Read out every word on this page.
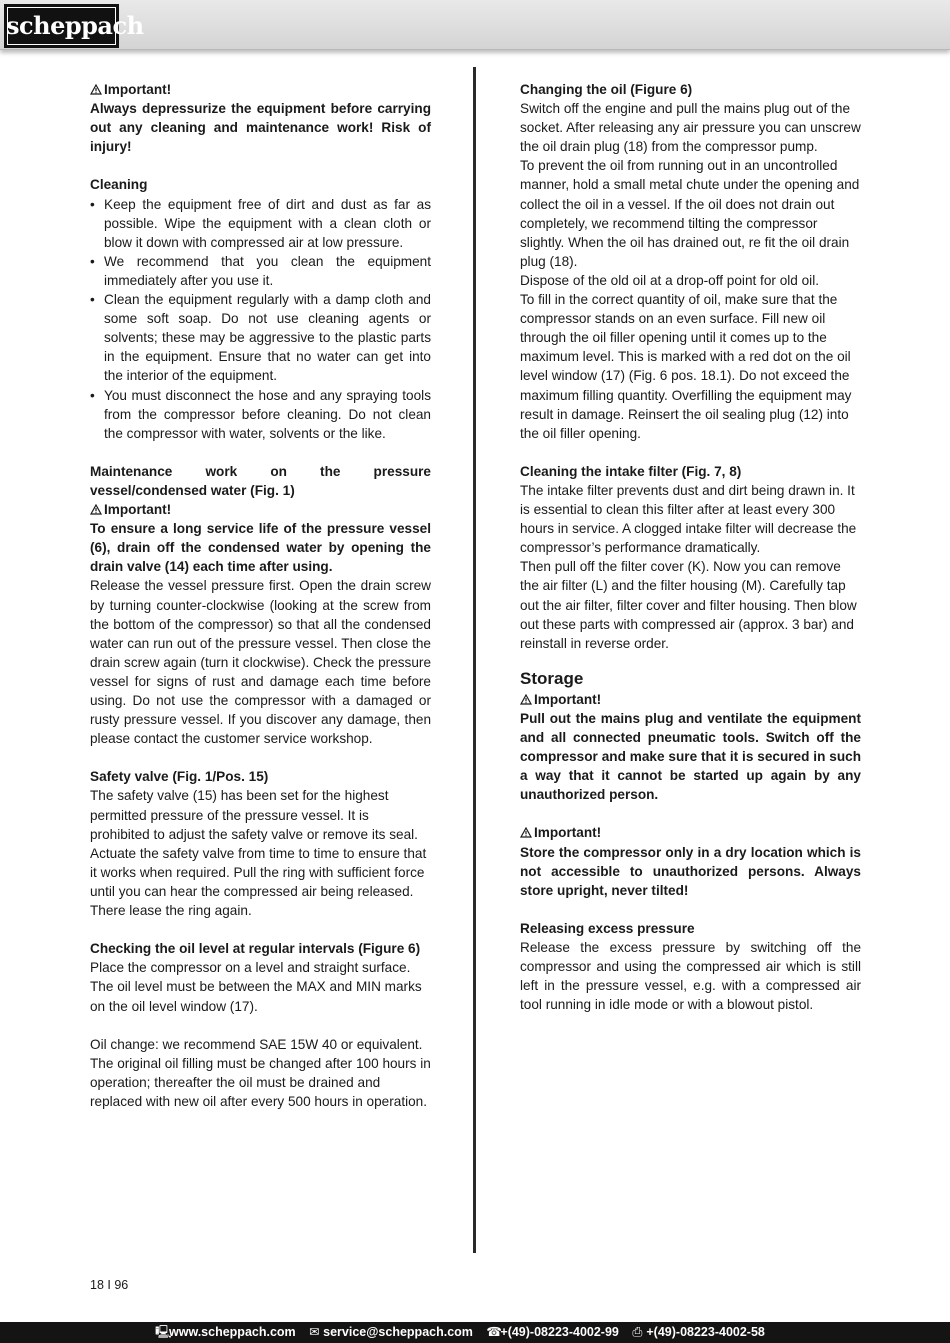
scheppach

Important!

Always depressurize the equipment before carrying out any cleaning and maintenance work! Risk of injury!

Cleaning

• Keep the equipment free of dirt and dust as far as possible. Wipe the equipment with a clean cloth or blow it down with compressed air at low pressure.
• We recommend that you clean the equipment immediately after you use it.
• Clean the equipment regularly with a damp cloth and some soft soap. Do not use cleaning agents or solvents; these may be aggressive to the plastic parts in the equipment. Ensure that no water can get into the interior of the equipment.
• You must disconnect the hose and any spraying tools from the compressor before cleaning. Do not clean the compressor with water, solvents or the like.

Maintenance work on the pressure vessel/condensed water (Fig. 1)

Important!

To ensure a long service life of the pressure vessel (6), drain off the condensed water by opening the drain valve (14) each time after using.

Release the vessel pressure first. Open the drain screw by turning counter-clockwise (looking at the screw from the bottom of the compressor) so that all the condensed water can run out of the pressure vessel. Then close the drain screw again (turn it clockwise). Check the pressure vessel for signs of rust and damage each time before using. Do not use the compressor with a damaged or rusty pressure vessel. If you discover any damage, then please contact the customer service workshop.

Safety valve (Fig. 1/Pos. 15)

The safety valve (15) has been set for the highest permitted pressure of the pressure vessel. It is prohibited to adjust the safety valve or remove its seal. Actuate the safety valve from time to time to ensure that it works when required. Pull the ring with sufficient force until you can hear the compressed air being released.

There lease the ring again.

Checking the oil level at regular intervals (Figure 6)

Place the compressor on a level and straight surface. The oil level must be between the MAX and MIN marks on the oil level window (17).

Oil change: we recommend SAE 15W 40 or equivalent. The original oil filling must be changed after 100 hours in operation; thereafter the oil must be drained and replaced with new oil after every 500 hours in operation.

Changing the oil (Figure 6)

Switch off the engine and pull the mains plug out of the socket. After releasing any air pressure you can unscrew the oil drain plug (18) from the compressor pump.

To prevent the oil from running out in an uncontrolled manner, hold a small metal chute under the opening and collect the oil in a vessel. If the oil does not drain out completely, we recommend tilting the compressor slightly. When the oil has drained out, re fit the oil drain plug (18).

Dispose of the old oil at a drop-off point for old oil.

To fill in the correct quantity of oil, make sure that the compressor stands on an even surface. Fill new oil through the oil filler opening until it comes up to the maximum level. This is marked with a red dot on the oil level window (17) (Fig. 6 pos. 18.1). Do not exceed the maximum filling quantity. Overfilling the equipment may result in damage. Reinsert the oil sealing plug (12) into the oil filler opening.

Cleaning the intake filter (Fig. 7, 8)

The intake filter prevents dust and dirt being drawn in. It is essential to clean this filter after at least every 300 hours in service. A clogged intake filter will decrease the compressor’s performance dramatically.

Then pull off the filter cover (K). Now you can remove the air filter (L) and the filter housing (M). Carefully tap out the air filter, filter cover and filter housing. Then blow out these parts with compressed air (approx. 3 bar) and reinstall in reverse order.

Storage

Important!

Pull out the mains plug and ventilate the equipment and all connected pneumatic tools. Switch off the compressor and make sure that it is secured in such a way that it cannot be started up again by any unauthorized person.

Important!

Store the compressor only in a dry location which is not accessible to unauthorized persons. Always store upright, never tilted!

Releasing excess pressure

Release the excess pressure by switching off the compressor and using the compressed air which is still left in the pressure vessel, e.g. with a compressed air tool running in idle mode or with a blowout pistol.

18 I 96
🖳︎www.scheppach.com ✉︎ service@scheppach.com ☎︎+(49)-08223-4002-99 ⎙ +(49)-08223-4002-58
